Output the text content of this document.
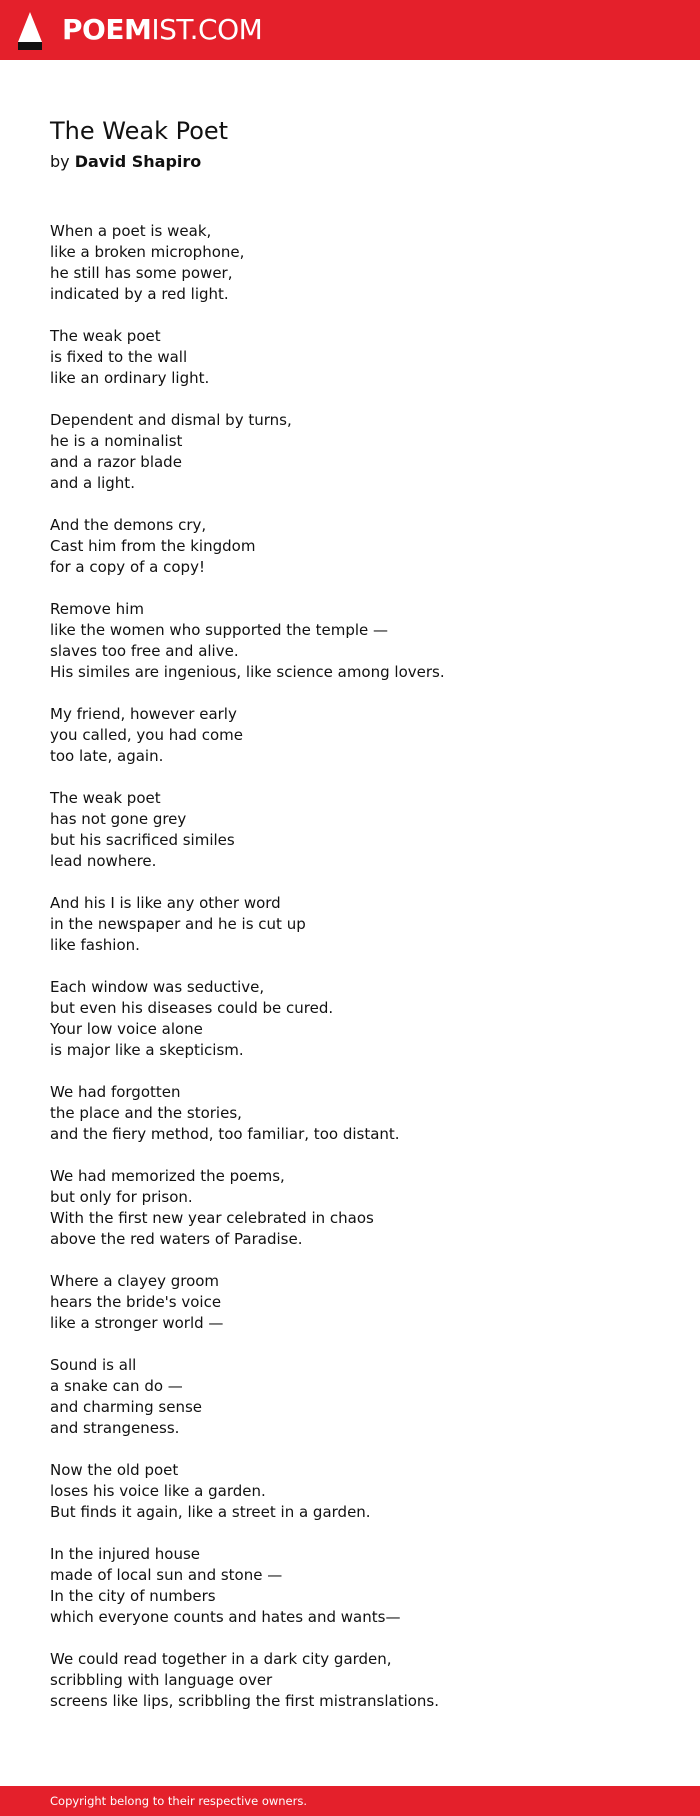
POEMIST.COM
The Weak Poet

by David Shapiro

When a poet is weak,
like a broken microphone,
he still has some power,
indicated by a red light.
The weak poet
is fixed to the wall
like an ordinary light.
Dependent and dismal by turns,
he is a nominalist
and a razor blade
and a light.
And the demons cry,
Cast him from the kingdom
for a copy of a copy!
Remove him
like the women who supported the temple —
slaves too free and alive.
His similes are ingenious, like science among lovers.
My friend, however early
you called, you had come
too late, again.
The weak poet
has not gone grey
but his sacrificed similes
lead nowhere.
And his I is like any other word
in the newspaper and he is cut up
like fashion.
Each window was seductive,
but even his diseases could be cured.
Your low voice alone
is major like a skepticism.
We had forgotten
the place and the stories,
and the fiery method, too familiar, too distant.
We had memorized the poems,
but only for prison.
With the first new year celebrated in chaos
above the red waters of Paradise.
Where a clayey groom
hears the bride's voice
like a stronger world —
Sound is all
a snake can do —
and charming sense
and strangeness.
Now the old poet
loses his voice like a garden.
But finds it again, like a street in a garden.
In the injured house
made of local sun and stone —
In the city of numbers
which everyone counts and hates and wants—
We could read together in a dark city garden,
scribbling with language over
screens like lips, scribbling the first mistranslations.
Copyright belong to their respective owners.
